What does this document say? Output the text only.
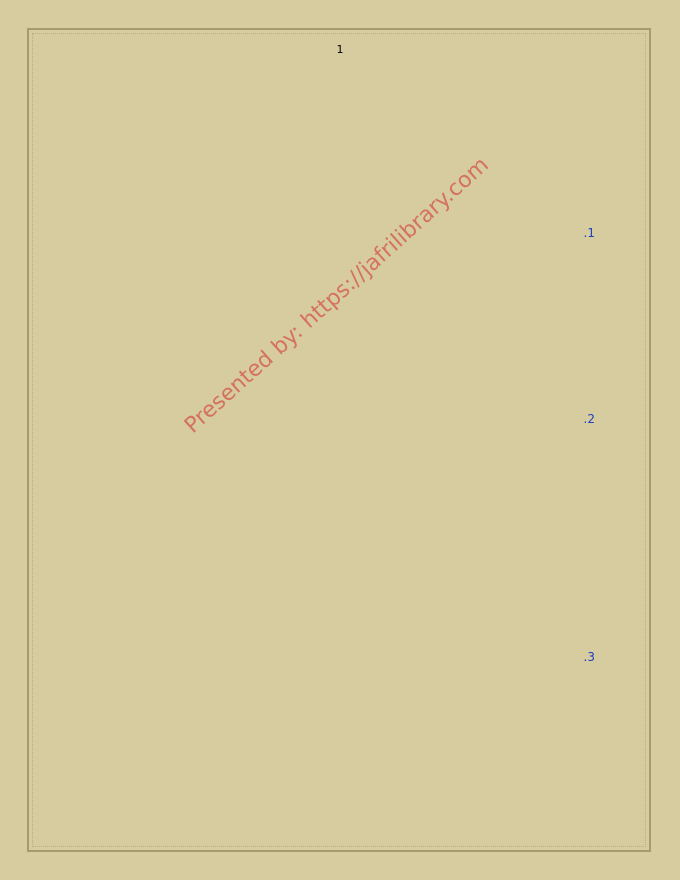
1
1.
2.
3.
Presented by: https://jafrilibrary.com
